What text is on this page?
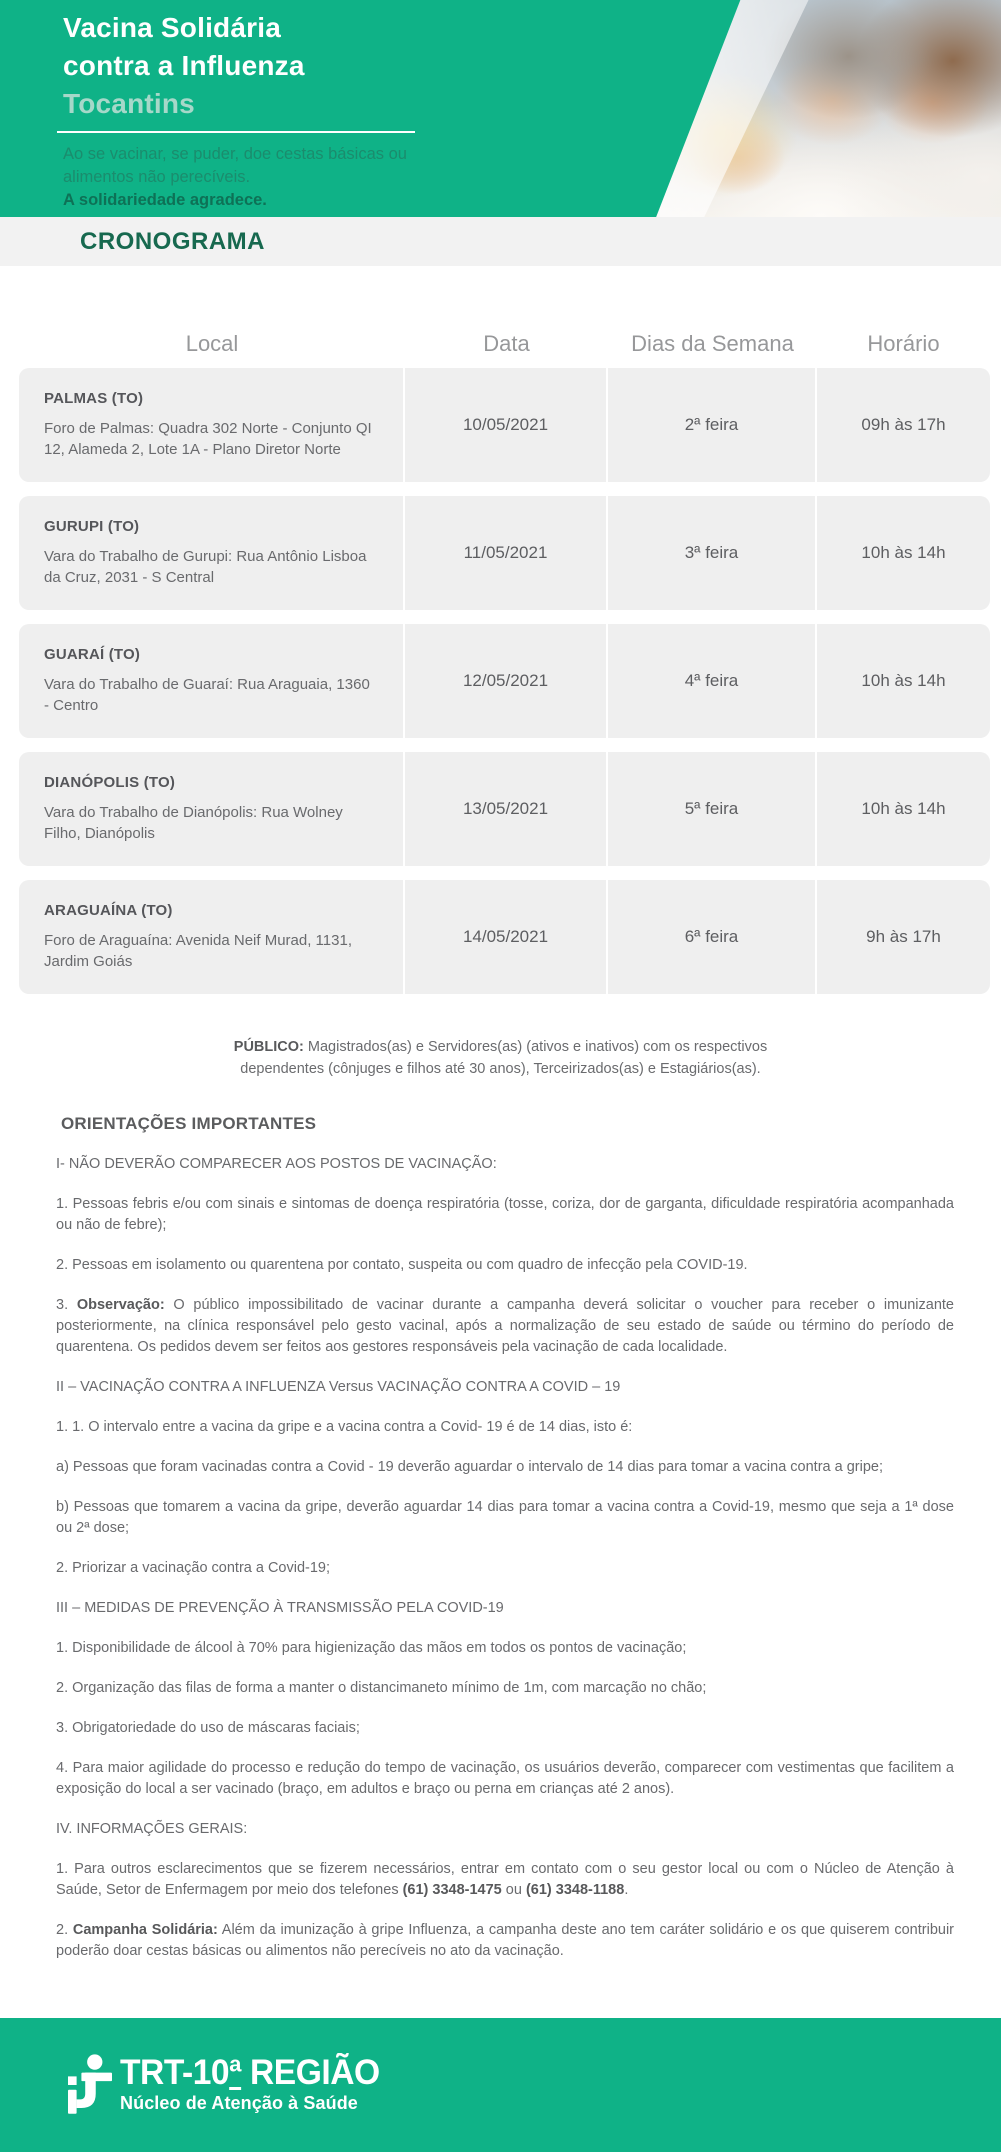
Vacina Solidária
contra a Influenza
Tocantins
Ao se vacinar, se puder, doe cestas básicas ou
alimentos não perecíveis.
A solidariedade agradece.
CRONOGRAMA
Local	Data	Dias da Semana	Horário
PALMAS (TO)
Foro de Palmas: Quadra 302 Norte - Conjunto QI 12, Alameda 2, Lote 1A - Plano Diretor Norte
10/05/2021	2ª feira	09h às 17h
GURUPI (TO)
Vara do Trabalho de Gurupi: Rua Antônio Lisboa da Cruz, 2031 - S Central
11/05/2021	3ª feira	10h às 14h
GUARAÍ (TO)
Vara do Trabalho de Guaraí: Rua Araguaia, 1360 - Centro
12/05/2021	4ª feira	10h às 14h
DIANÓPOLIS (TO)
Vara do Trabalho de Dianópolis: Rua Wolney Filho, Dianópolis
13/05/2021	5ª feira	10h às 14h
ARAGUAÍNA (TO)
Foro de Araguaína: Avenida Neif Murad, 1131, Jardim Goiás
14/05/2021	6ª feira	9h às 17h

PÚBLICO: Magistrados(as) e Servidores(as) (ativos e inativos) com os respectivos dependentes (cônjuges e filhos até 30 anos), Terceirizados(as) e Estagiários(as).

ORIENTAÇÕES IMPORTANTES

I- NÃO DEVERÃO COMPARECER AOS POSTOS DE VACINAÇÃO:

1. Pessoas febris e/ou com sinais e sintomas de doença respiratória (tosse, coriza, dor de garganta, dificuldade respiratória acompanhada ou não de febre);

2. Pessoas em isolamento ou quarentena por contato, suspeita ou com quadro de infecção pela COVID-19.

3. Observação: O público impossibilitado de vacinar durante a campanha deverá solicitar o voucher para receber o imunizante posteriormente, na clínica responsável pelo gesto vacinal, após a normalização de seu estado de saúde ou término do período de quarentena. Os pedidos devem ser feitos aos gestores responsáveis pela vacinação de cada localidade.

II – VACINAÇÃO CONTRA A INFLUENZA Versus VACINAÇÃO CONTRA A COVID – 19

1. 1. O intervalo entre a vacina da gripe e a vacina contra a Covid- 19 é de 14 dias, isto é:

a) Pessoas que foram vacinadas contra a Covid - 19 deverão aguardar o intervalo de 14 dias para tomar a vacina contra a gripe;

b) Pessoas que tomarem a vacina da gripe, deverão aguardar 14 dias para tomar a vacina contra a Covid-19, mesmo que seja a 1ª dose ou 2ª dose;

2. Priorizar a vacinação contra a Covid-19;

III – MEDIDAS DE PREVENÇÃO À TRANSMISSÃO PELA COVID-19

1. Disponibilidade de álcool à 70% para higienização das mãos em todos os pontos de vacinação;

2. Organização das filas de forma a manter o distancimaneto mínimo de 1m, com marcação no chão;

3. Obrigatoriedade do uso de máscaras faciais;

4. Para maior agilidade do processo e redução do tempo de vacinação, os usuários deverão, comparecer com vestimentas que facilitem a exposição do local a ser vacinado (braço, em adultos e braço ou perna em crianças até 2 anos).

IV. INFORMAÇÕES GERAIS:

1. Para outros esclarecimentos que se fizerem necessários, entrar em contato com o seu gestor local ou com o Núcleo de Atenção à Saúde, Setor de Enfermagem por meio dos telefones (61) 3348-1475 ou (61) 3348-1188.

2. Campanha Solidária: Além da imunização à gripe Influenza, a campanha deste ano tem caráter solidário e os que quiserem contribuir poderão doar cestas básicas ou alimentos não perecíveis no ato da vacinação.

TRT-10ª REGIÃO
Núcleo de Atenção à Saúde
